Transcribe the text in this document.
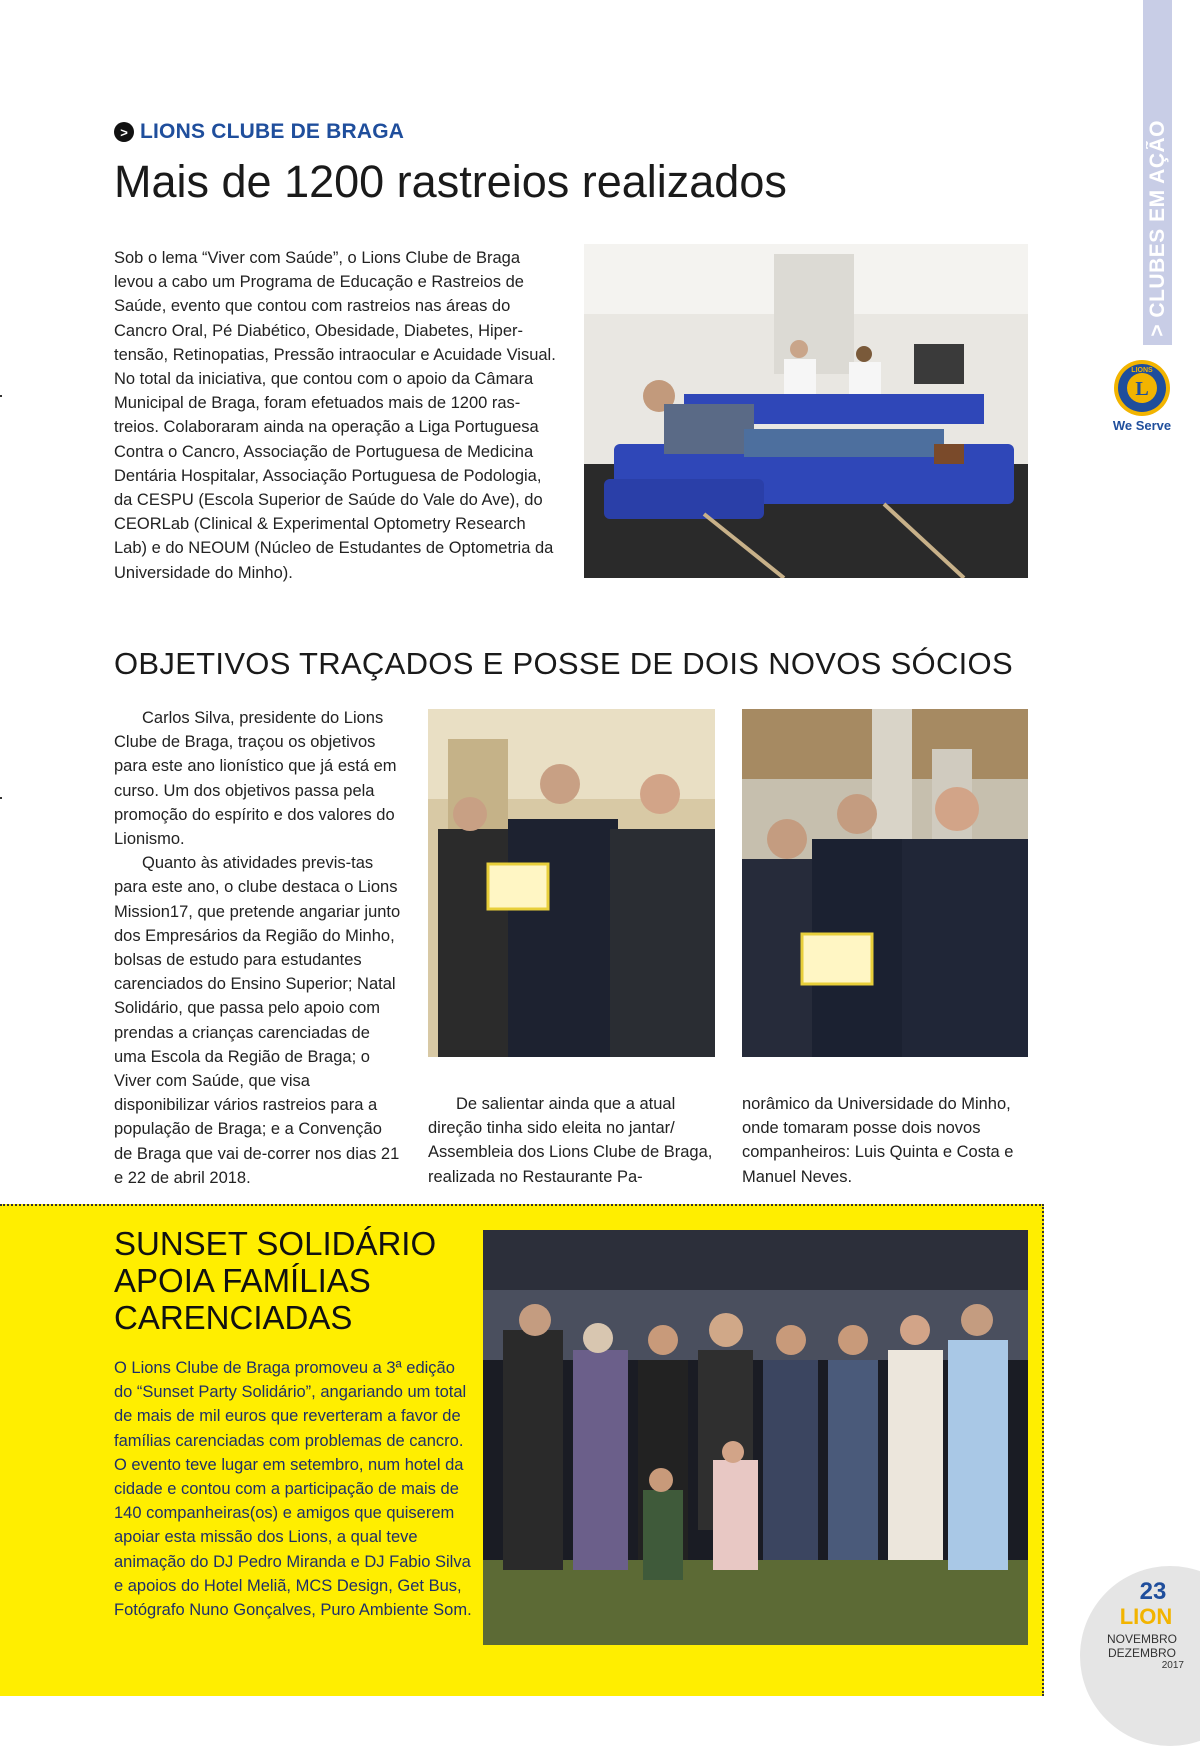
> CLUBES EM AÇÃO
L
LIONS
We Serve
> LIONS CLUBE DE BRAGA
Mais de 1200 rastreios realizados

Sob o lema “Viver com Saúde”, o Lions Clube de Braga levou a cabo um Programa de Educação e Rastreios de Saúde, evento que contou com rastreios nas áreas do Cancro Oral, Pé Diabético, Obesidade, Diabetes, Hiper-tensão, Retinopatias, Pressão intraocular e Acuidade Visual.

No total da iniciativa, que contou com o apoio da Câmara Municipal de Braga, foram efetuados mais de 1200 ras-treios. Colaboraram ainda na operação a Liga Portuguesa Contra o Cancro, Associação de Portuguesa de Medicina Dentária Hospitalar, Associação Portuguesa de Podologia, da CESPU (Escola Superior de Saúde do Vale do Ave), do CEORLab (Clinical & Experimental Optometry Research Lab) e do NEOUM (Núcleo de Estudantes de Optometria da Universidade do Minho).

OBJETIVOS TRAÇADOS E POSSE DE DOIS NOVOS SÓCIOS

Carlos Silva, presidente do Lions Clube de Braga, traçou os objetivos para este ano lionístico que já está em curso. Um dos objetivos passa pela promoção do espírito e dos valores do Lionismo.

Quanto às atividades previs-tas para este ano, o clube destaca o Lions Mission17, que pretende angariar junto dos Empresários da Região do Minho, bolsas de estudo para estudantes carenciados do Ensino Superior; Natal Solidário, que passa pelo apoio com prendas a crianças carenciadas de uma Escola da Região de Braga; o Viver com Saúde, que visa disponibilizar vários rastreios para a população de Braga; e a Convenção de Braga que vai de-correr nos dias 21 e 22 de abril 2018.

De salientar ainda que a atual direção tinha sido eleita no jantar/ Assembleia dos Lions Clube de Braga, realizada no Restaurante Pa-

norâmico da Universidade do Minho, onde tomaram posse dois novos companheiros: Luis Quinta e Costa e Manuel Neves.

SUNSET SOLIDÁRIO APOIA FAMÍLIAS CARENCIADAS

O Lions Clube de Braga promoveu a 3ª edição do “Sunset Party Solidário”, angariando um total de mais de mil euros que reverteram a favor de famílias carenciadas com problemas de cancro. O evento teve lugar em setembro, num hotel da cidade e contou com a participação de mais de 140 companheiras(os) e amigos que quiserem apoiar esta missão dos Lions, a qual teve animação do DJ Pedro Miranda e DJ Fabio Silva e apoios do Hotel Meliã, MCS Design, Get Bus, Fotógrafo Nuno Gonçalves, Puro Ambiente Som.

23
LION
NOVEMBRO
DEZEMBRO
2017
